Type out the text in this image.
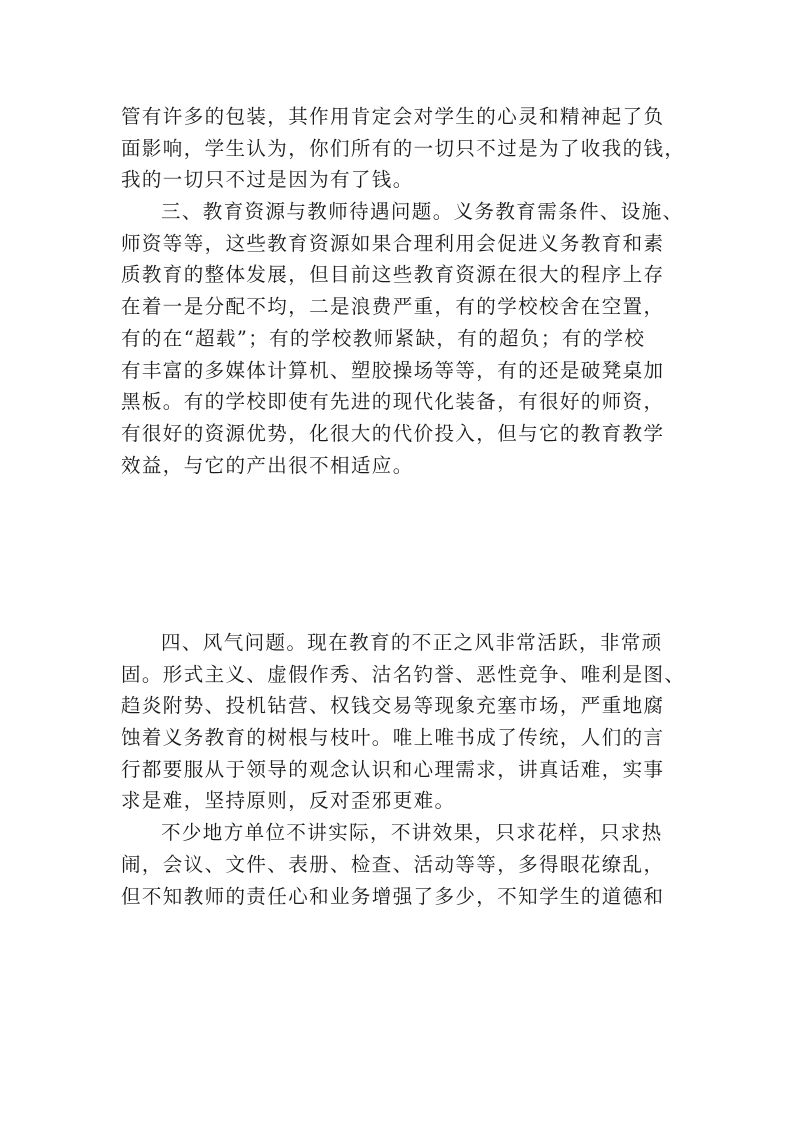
管有许多的包装，其作用肯定会对学生的心灵和精神起了负
面影响，学生认为，你们所有的一切只不过是为了收我的钱，
我的一切只不过是因为有了钱。
三、教育资源与教师待遇问题。义务教育需条件、设施、
师资等等，这些教育资源如果合理利用会促进义务教育和素
质教育的整体发展，但目前这些教育资源在很大的程序上存
在着一是分配不均，二是浪费严重，有的学校校舍在空置，
有的在“超载”；有的学校教师紧缺，有的超负；有的学校
有丰富的多媒体计算机、塑胶操场等等，有的还是破凳桌加
黑板。有的学校即使有先进的现代化装备，有很好的师资，
有很好的资源优势，化很大的代价投入，但与它的教育教学
效益，与它的产出很不相适应。
四、风气问题。现在教育的不正之风非常活跃，非常顽
固。形式主义、虚假作秀、沽名钓誉、恶性竞争、唯利是图、
趋炎附势、投机钻营、权钱交易等现象充塞市场，严重地腐
蚀着义务教育的树根与枝叶。唯上唯书成了传统，人们的言
行都要服从于领导的观念认识和心理需求，讲真话难，实事
求是难，坚持原则，反对歪邪更难。
不少地方单位不讲实际，不讲效果，只求花样，只求热
闹，会议、文件、表册、检查、活动等等，多得眼花缭乱，
但不知教师的责任心和业务增强了多少，不知学生的道德和
